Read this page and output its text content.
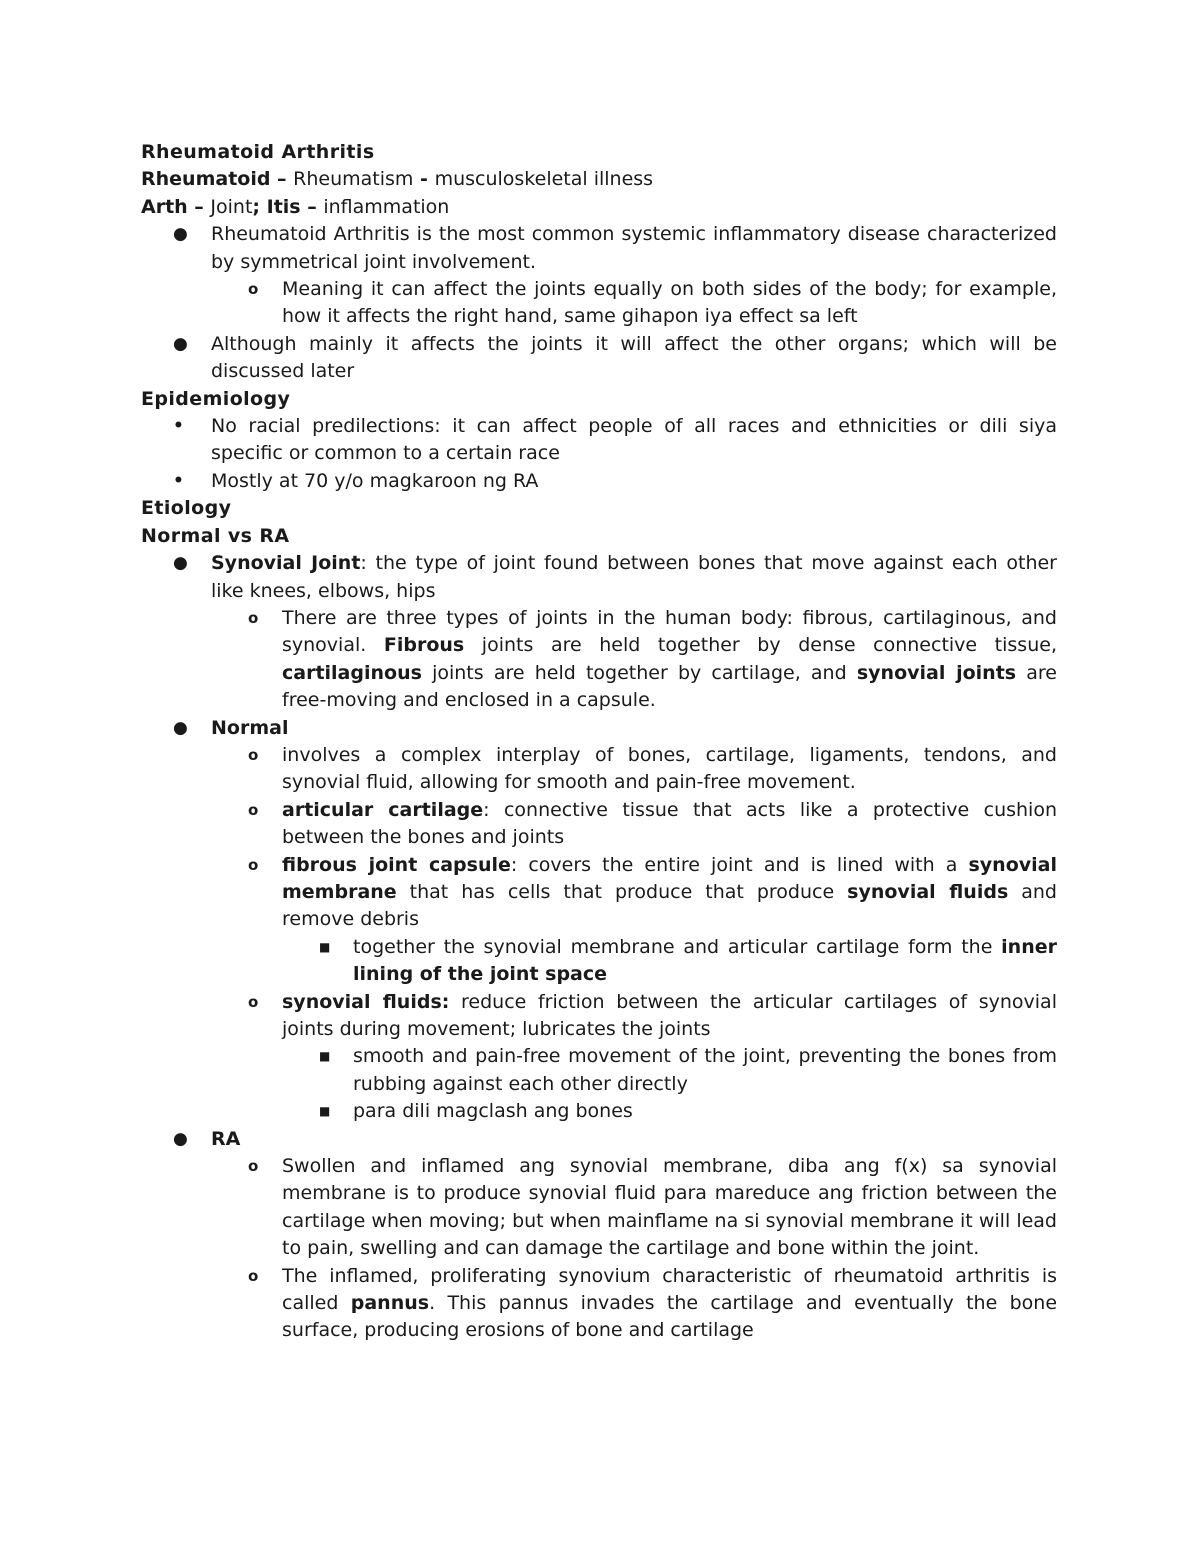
Rheumatoid Arthritis
Rheumatoid – Rheumatism - musculoskeletal illness
Arth – Joint; Itis – inflammation
● Rheumatoid Arthritis is the most common systemic inflammatory disease characterized by symmetrical joint involvement.
o Meaning it can affect the joints equally on both sides of the body; for example, how it affects the right hand, same gihapon iya effect sa left
● Although mainly it affects the joints it will affect the other organs; which will be discussed later
Epidemiology
• No racial predilections: it can affect people of all races and ethnicities or dili siya specific or common to a certain race
• Mostly at 70 y/o magkaroon ng RA
Etiology
Normal vs RA
● Synovial Joint: the type of joint found between bones that move against each other like knees, elbows, hips
o There are three types of joints in the human body: fibrous, cartilaginous, and synovial. Fibrous joints are held together by dense connective tissue, cartilaginous joints are held together by cartilage, and synovial joints are free-moving and enclosed in a capsule.
● Normal
o involves a complex interplay of bones, cartilage, ligaments, tendons, and synovial fluid, allowing for smooth and pain-free movement.
o articular cartilage: connective tissue that acts like a protective cushion between the bones and joints
o fibrous joint capsule: covers the entire joint and is lined with a synovial membrane that has cells that produce that produce synovial fluids and remove debris
■ together the synovial membrane and articular cartilage form the inner lining of the joint space
o synovial fluids: reduce friction between the articular cartilages of synovial joints during movement; lubricates the joints
■ smooth and pain-free movement of the joint, preventing the bones from rubbing against each other directly
■ para dili magclash ang bones
● RA
o Swollen and inflamed ang synovial membrane, diba ang f(x) sa synovial membrane is to produce synovial fluid para mareduce ang friction between the cartilage when moving; but when mainflame na si synovial membrane it will lead to pain, swelling and can damage the cartilage and bone within the joint.
o The inflamed, proliferating synovium characteristic of rheumatoid arthritis is called pannus. This pannus invades the cartilage and eventually the bone surface, producing erosions of bone and cartilage
